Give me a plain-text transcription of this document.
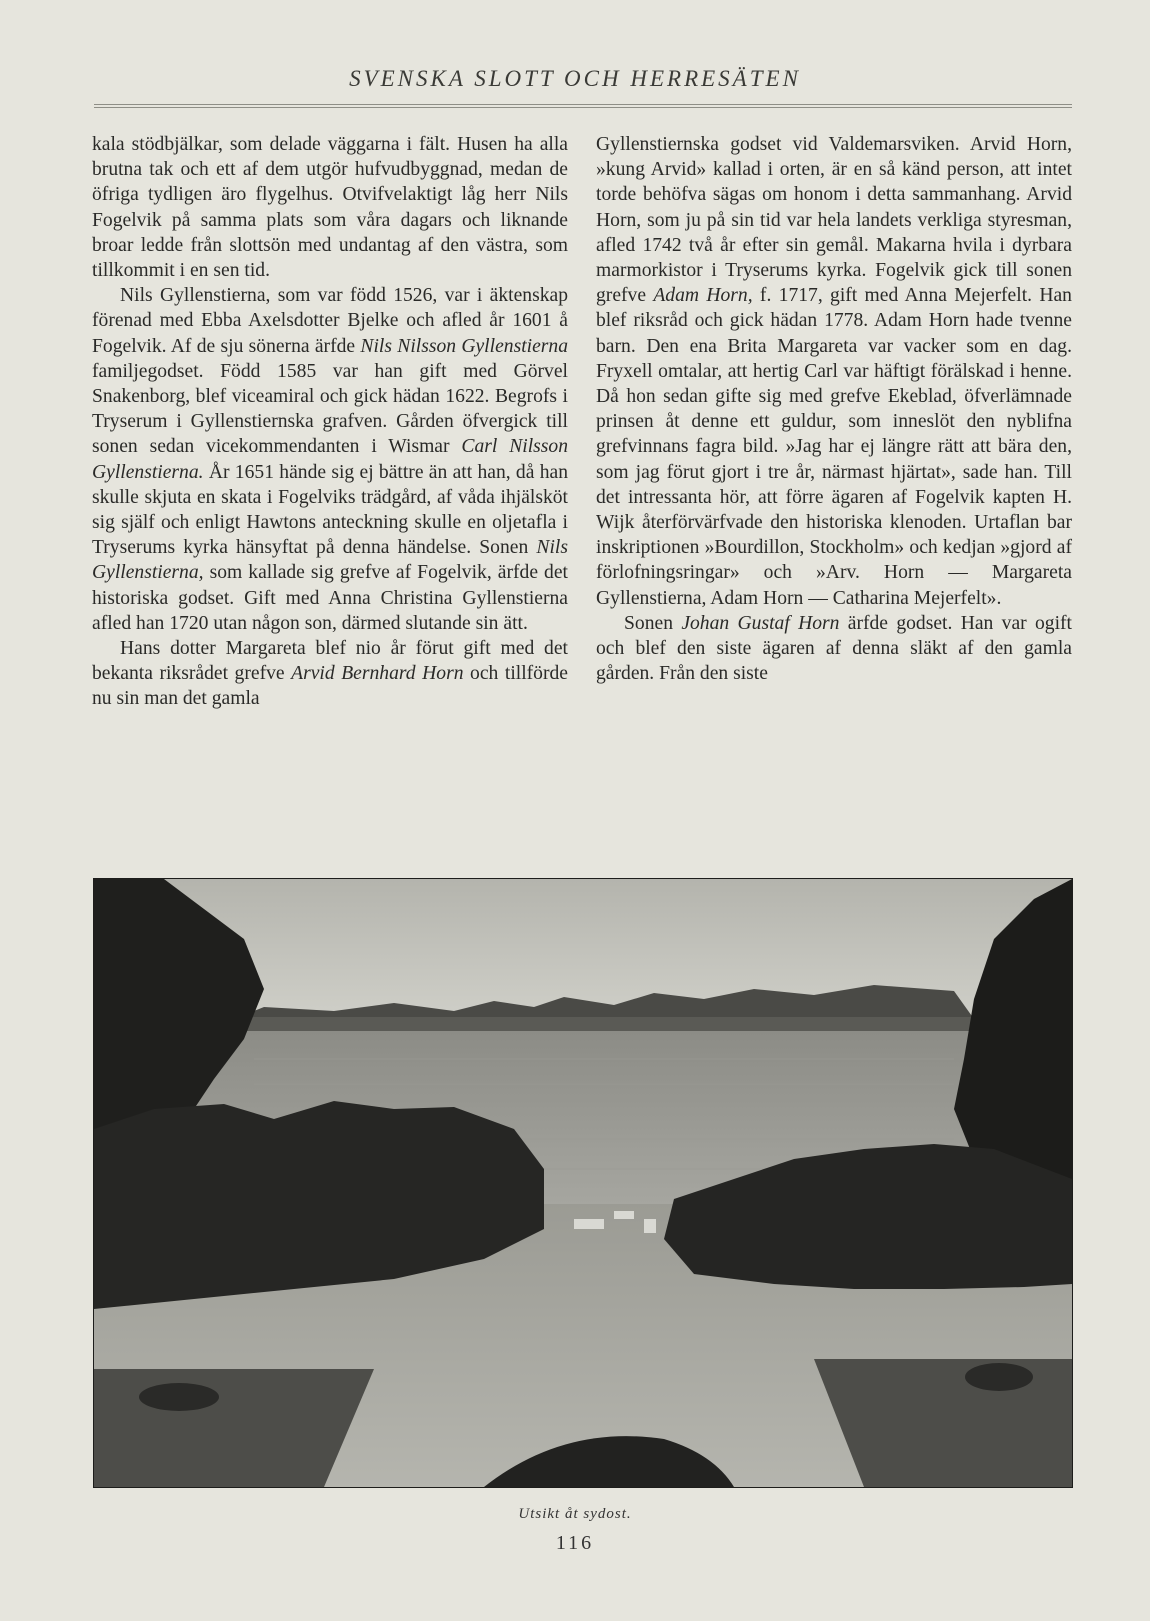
SVENSKA SLOTT OCH HERRESÄTEN

kala stödbjälkar, som delade väggarna i fält. Husen ha alla brutna tak och ett af dem utgör hufvudbyggnad, medan de öfriga tydligen äro flygelhus. Otvifvelaktigt låg herr Nils Fogelvik på samma plats som våra dagars och liknande broar ledde från slottsön med undantag af den västra, som tillkommit i en sen tid.

Nils Gyllenstierna, som var född 1526, var i äktenskap förenad med Ebba Axelsdotter Bjelke och afled år 1601 å Fogelvik. Af de sju sönerna ärfde Nils Nilsson Gyllenstierna familjegodset. Född 1585 var han gift med Görvel Snakenborg, blef viceamiral och gick hädan 1622. Begrofs i Tryserum i Gyllenstiernska grafven. Gården öfvergick till sonen sedan vicekommendanten i Wismar Carl Nilsson Gyllenstierna. År 1651 hände sig ej bättre än att han, då han skulle skjuta en skata i Fogelviks trädgård, af våda ihjälsköt sig själf och enligt Hawtons anteckning skulle en oljetafla i Tryserums kyrka hänsyftat på denna händelse. Sonen Nils Gyllenstierna, som kallade sig grefve af Fogelvik, ärfde det historiska godset. Gift med Anna Christina Gyllenstierna afled han 1720 utan någon son, därmed slutande sin ätt.

Hans dotter Margareta blef nio år förut gift med det bekanta riksrådet grefve Arvid Bernhard Horn och tillförde nu sin man det gamla

Gyllenstiernska godset vid Valdemarsviken. Arvid Horn, »kung Arvid» kallad i orten, är en så känd person, att intet torde behöfva sägas om honom i detta sammanhang. Arvid Horn, som ju på sin tid var hela landets verkliga styresman, afled 1742 två år efter sin gemål. Makarna hvila i dyrbara marmorkistor i Tryserums kyrka. Fogelvik gick till sonen grefve Adam Horn, f. 1717, gift med Anna Mejerfelt. Han blef riksråd och gick hädan 1778. Adam Horn hade tvenne barn. Den ena Brita Margareta var vacker som en dag. Fryxell omtalar, att hertig Carl var häftigt förälskad i henne. Då hon sedan gifte sig med grefve Ekeblad, öfverlämnade prinsen åt denne ett guldur, som inneslöt den nyblifna grefvinnans fagra bild. »Jag har ej längre rätt att bära den, som jag förut gjort i tre år, närmast hjärtat», sade han. Till det intressanta hör, att förre ägaren af Fogelvik kapten H. Wijk återförvärfvade den historiska klenoden. Urtaflan bar inskriptionen »Bourdillon, Stockholm» och kedjan »gjord af förlofningsringar» och »Arv. Horn — Margareta Gyllenstierna, Adam Horn — Catharina Mejerfelt».

Sonen Johan Gustaf Horn ärfde godset. Han var ogift och blef den siste ägaren af denna släkt af den gamla gården. Från den siste

Utsikt åt sydost.
116
